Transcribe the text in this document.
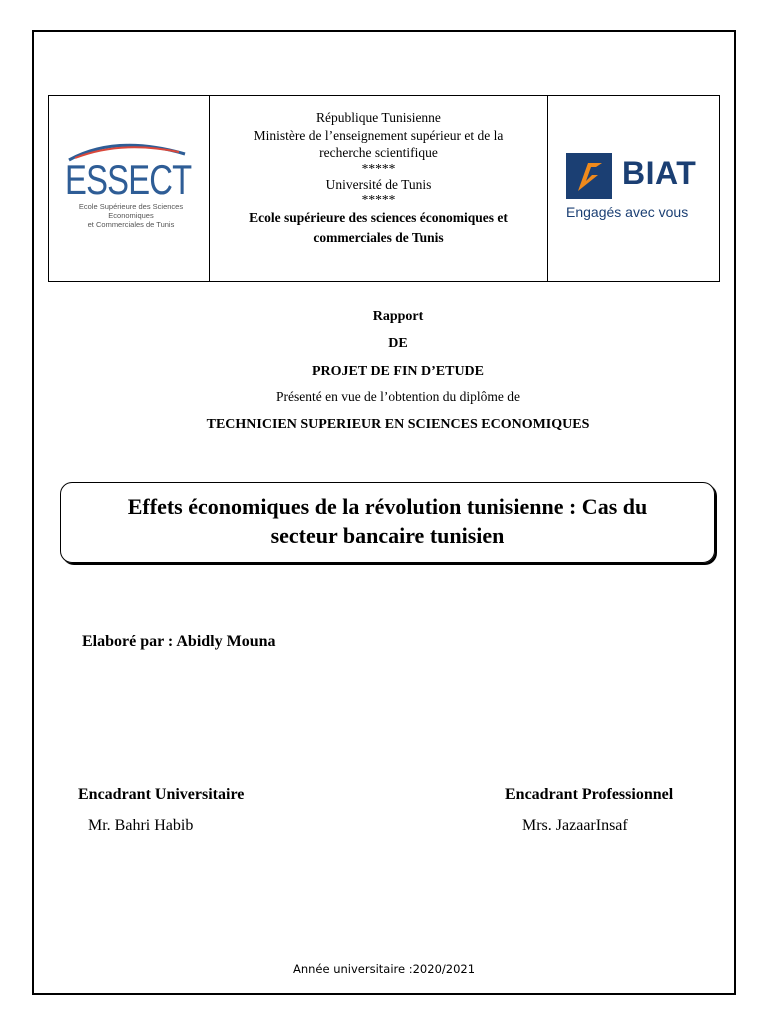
ESSECT
Ecole Supérieure des Sciences Economiques
et Commerciales de Tunis
République Tunisienne
Ministère de l’enseignement supérieur et de la
recherche scientifique
*****
Université de Tunis
*****
Ecole supérieure des sciences économiques et
commerciales de Tunis
BIAT
Engagés avec vous
Rapport
DE
PROJET DE FIN D’ETUDE
Présenté en vue de l’obtention du diplôme de
TECHNICIEN SUPERIEUR EN SCIENCES ECONOMIQUES
Effets économiques de la révolution tunisienne : Cas du
secteur bancaire tunisien
Elaboré par : Abidly Mouna
Encadrant Universitaire
Mr. Bahri Habib
Encadrant Professionnel
Mrs. JazaarInsaf
Année universitaire :2020/2021
